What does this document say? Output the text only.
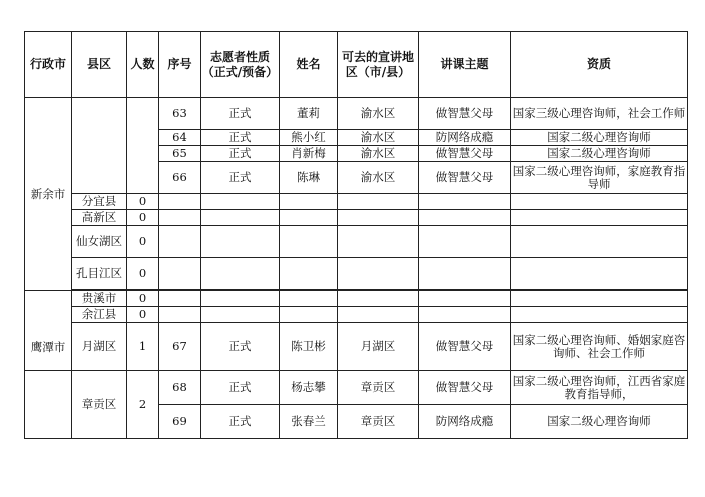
行政市	县区	人数	序号	志愿者性质（正式/预备）	姓名	可去的宣讲地区（市/县）	讲课主题	资质
新余市			63	正式	董莉	渝水区	做智慧父母	国家三级心理咨询师，社会工作师
			64	正式	熊小红	渝水区	防网络成瘾	国家二级心理咨询师
			65	正式	肖新梅	渝水区	做智慧父母	国家二级心理咨询师
			66	正式	陈琳	渝水区	做智慧父母	国家二级心理咨询师，家庭教育指导师
	分宜县	0						
	高新区	0						
	仙女湖区	0						
	孔目江区	0						

鹰潭市	贵溪市	0						
	余江县	0						
	月湖区	1	67	正式	陈卫彬	月湖区	做智慧父母	国家二级心理咨询师、婚姻家庭咨询师、社会工作师
	章贡区	2	68	正式	杨志攀	章贡区	做智慧父母	国家二级心理咨询师，江西省家庭教育指导师，
			69	正式	张春兰	章贡区	防网络成瘾	国家二级心理咨询师
